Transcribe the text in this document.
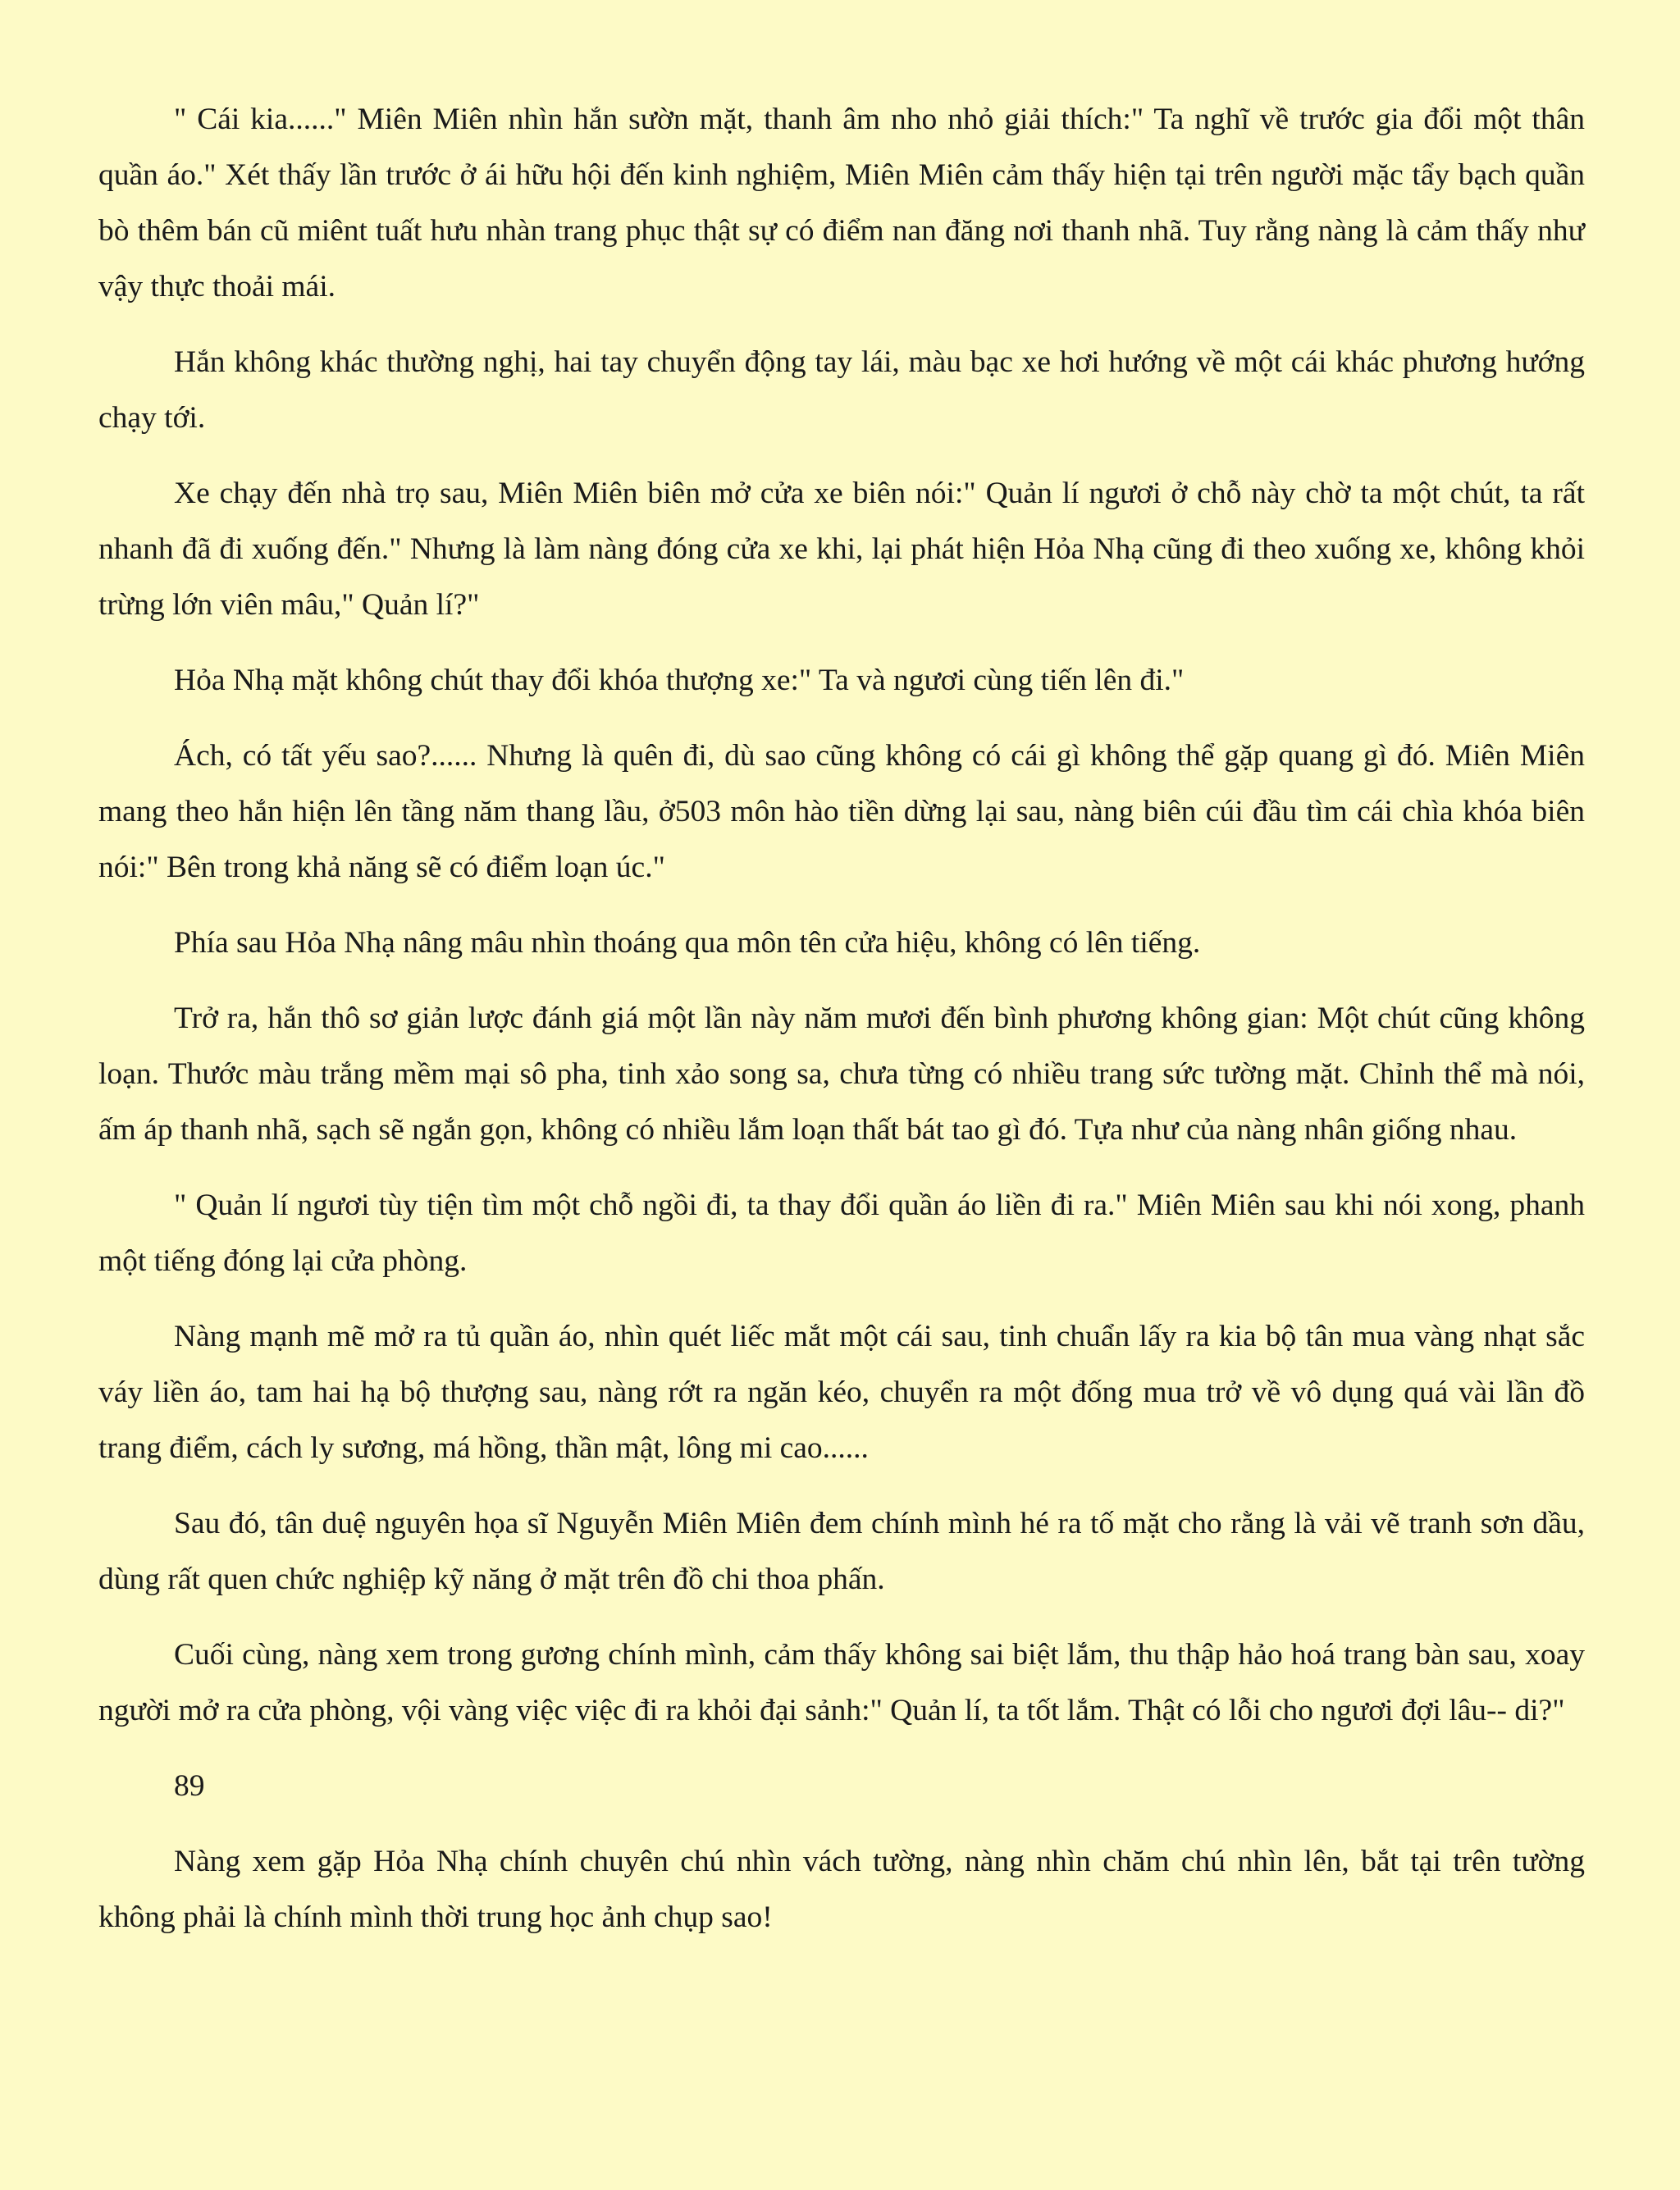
" Cái kia......" Miên Miên nhìn hắn sườn mặt, thanh âm nho nhỏ giải thích:" Ta nghĩ về trước gia đổi một thân quần áo." Xét thấy lần trước ở ái hữu hội đến kinh nghiệm, Miên Miên cảm thấy hiện tại trên người mặc tẩy bạch quần bò thêm bán cũ miênt tuất hưu nhàn trang phục thật sự có điểm nan đăng nơi thanh nhã. Tuy rằng nàng là cảm thấy như vậy thực thoải mái.

Hắn không khác thường nghị, hai tay chuyển động tay lái, màu bạc xe hơi hướng về một cái khác phương hướng chạy tới.

Xe chạy đến nhà trọ sau, Miên Miên biên mở cửa xe biên nói:" Quản lí ngươi ở chỗ này chờ ta một chút, ta rất nhanh đã đi xuống đến." Nhưng là làm nàng đóng cửa xe khi, lại phát hiện Hỏa Nhạ cũng đi theo xuống xe, không khỏi trừng lớn viên mâu," Quản lí?"

Hỏa Nhạ mặt không chút thay đổi khóa thượng xe:" Ta và ngươi cùng tiến lên đi."

Ách, có tất yếu sao?...... Nhưng là quên đi, dù sao cũng không có cái gì không thể gặp quang gì đó. Miên Miên mang theo hắn hiện lên tầng năm thang lầu, ở503 môn hào tiền dừng lại sau, nàng biên cúi đầu tìm cái chìa khóa biên nói:" Bên trong khả năng sẽ có điểm loạn úc."

Phía sau Hỏa Nhạ nâng mâu nhìn thoáng qua môn tên cửa hiệu, không có lên tiếng.

Trở ra, hắn thô sơ giản lược đánh giá một lần này năm mươi đến bình phương không gian: Một chút cũng không loạn. Thước màu trắng mềm mại sô pha, tinh xảo song sa, chưa từng có nhiều trang sức tường mặt. Chỉnh thể mà nói, ấm áp thanh nhã, sạch sẽ ngắn gọn, không có nhiều lắm loạn thất bát tao gì đó. Tựa như của nàng nhân giống nhau.

" Quản lí ngươi tùy tiện tìm một chỗ ngồi đi, ta thay đổi quần áo liền đi ra." Miên Miên sau khi nói xong, phanh một tiếng đóng lại cửa phòng.

Nàng mạnh mẽ mở ra tủ quần áo, nhìn quét liếc mắt một cái sau, tinh chuẩn lấy ra kia bộ tân mua vàng nhạt sắc váy liền áo, tam hai hạ bộ thượng sau, nàng rớt ra ngăn kéo, chuyển ra một đống mua trở về vô dụng quá vài lần đồ trang điểm, cách ly sương, má hồng, thần mật, lông mi cao......

Sau đó, tân duệ nguyên họa sĩ Nguyễn Miên Miên đem chính mình hé ra tố mặt cho rằng là vải vẽ tranh sơn dầu, dùng rất quen chức nghiệp kỹ năng ở mặt trên đồ chi thoa phấn.

Cuối cùng, nàng xem trong gương chính mình, cảm thấy không sai biệt lắm, thu thập hảo hoá trang bàn sau, xoay người mở ra cửa phòng, vội vàng việc việc đi ra khỏi đại sảnh:" Quản lí, ta tốt lắm. Thật có lỗi cho ngươi đợi lâu-- di?"

89

Nàng xem gặp Hỏa Nhạ chính chuyên chú nhìn vách tường, nàng nhìn chăm chú nhìn lên, bắt tại trên tường không phải là chính mình thời trung học ảnh chụp sao!
